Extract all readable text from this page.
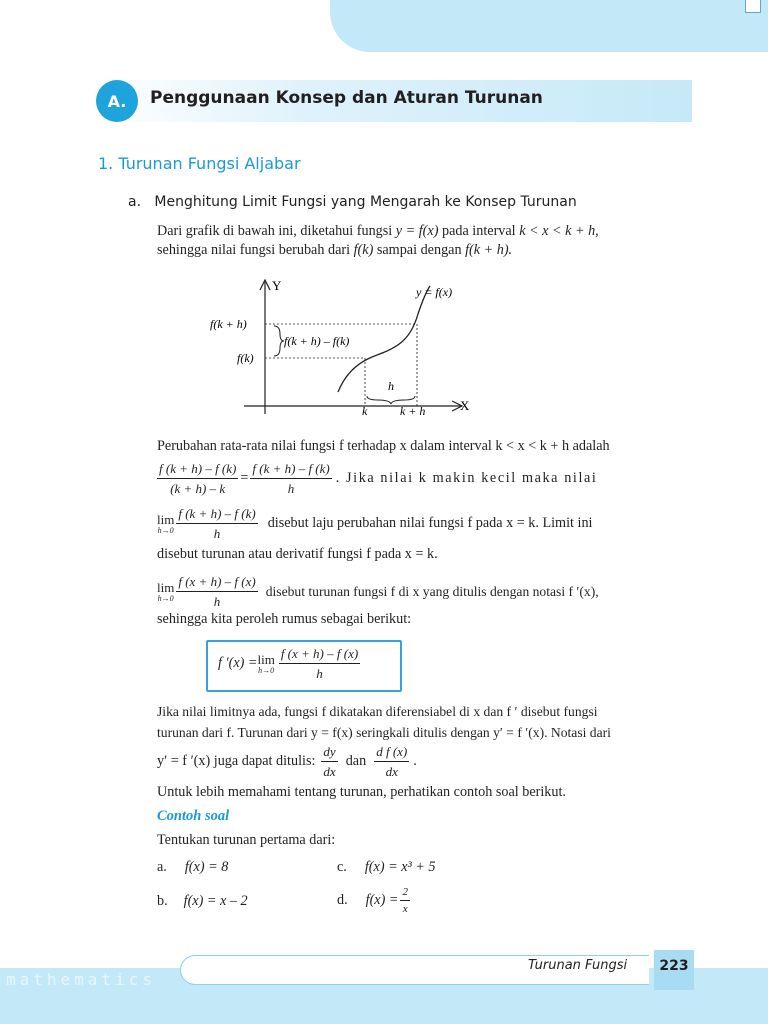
A.	Penggunaan Konsep dan Aturan Turunan
1. Turunan Fungsi Aljabar
a. Menghitung Limit Fungsi yang Mengarah ke Konsep Turunan
Dari grafik di bawah ini, diketahui fungsi y = f(x) pada interval k < x < k + h,
sehingga nilai fungsi berubah dari f(k) sampai dengan f(k + h).
Y
X
y = f(x)
f(k + h)
f(k)
f(k + h) – f(k)
h
k	k + h
Perubahan rata-rata nilai fungsi f terhadap x dalam interval k < x < k + h adalah
$\frac{f (k + h) - f (k)}{(k + h) - k} = \frac{f (k + h) - f (k)}{h}$ . Jika nilai k makin kecil maka nilai
lim
$h\to 0 \frac{f (k + h) - f (k)}{h}$ disebut laju perubahan nilai fungsi f pada x = k. Limit ini
disebut turunan atau derivatif fungsi f pada x = k.
lim
$h\to 0 \frac{f (x + h) - f (x)}{h}$ disebut turunan fungsi f di x yang ditulis dengan notasi f ′(x),
sehingga kita peroleh rumus sebagai berikut:
f ′(x) = lim
$h\to 0 \frac{f (x + h) - f (x)}{h}$
Jika nilai limitnya ada, fungsi f dikatakan diferensiabel di x dan f ′ disebut fungsi
turunan dari f. Turunan dari y = f(x) seringkali ditulis dengan y′ = f ′(x). Notasi dari
y′ = f ′(x) juga dapat ditulis: $\frac{dy}{dx}$ dan $\frac{\text{d f (x)}}{dx}$ .
Untuk lebih memahami tentang turunan, perhatikan contoh soal berikut.
Contoh soal
Tentukan turunan pertama dari:
a. f(x) = 8
b. f(x) = x – 2
c. f(x) = x³ + 5
d. $f(x) = \frac{2}{x}$
mathematics
Turunan Fungsi	223
